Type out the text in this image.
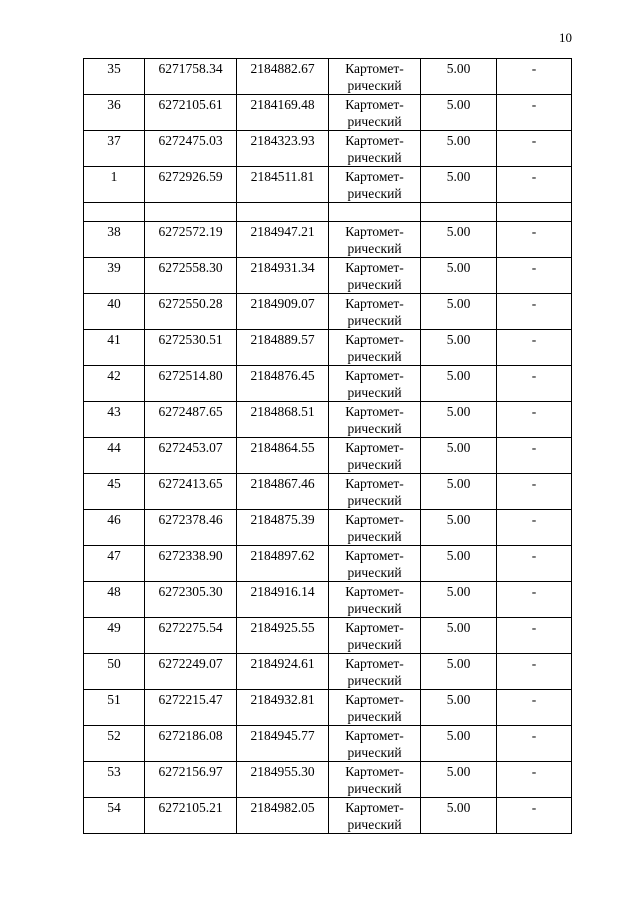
10
35	6271758.34	2184882.67	Картомет-
рический	5.00	-
36	6272105.61	2184169.48	Картомет-
рический	5.00	-
37	6272475.03	2184323.93	Картомет-
рический	5.00	-
1	6272926.59	2184511.81	Картомет-
рический	5.00	-

38	6272572.19	2184947.21	Картомет-
рический	5.00	-
39	6272558.30	2184931.34	Картомет-
рический	5.00	-
40	6272550.28	2184909.07	Картомет-
рический	5.00	-
41	6272530.51	2184889.57	Картомет-
рический	5.00	-
42	6272514.80	2184876.45	Картомет-
рический	5.00	-
43	6272487.65	2184868.51	Картомет-
рический	5.00	-
44	6272453.07	2184864.55	Картомет-
рический	5.00	-
45	6272413.65	2184867.46	Картомет-
рический	5.00	-
46	6272378.46	2184875.39	Картомет-
рический	5.00	-
47	6272338.90	2184897.62	Картомет-
рический	5.00	-
48	6272305.30	2184916.14	Картомет-
рический	5.00	-
49	6272275.54	2184925.55	Картомет-
рический	5.00	-
50	6272249.07	2184924.61	Картомет-
рический	5.00	-
51	6272215.47	2184932.81	Картомет-
рический	5.00	-
52	6272186.08	2184945.77	Картомет-
рический	5.00	-
53	6272156.97	2184955.30	Картомет-
рический	5.00	-
54	6272105.21	2184982.05	Картомет-
рический	5.00	-
